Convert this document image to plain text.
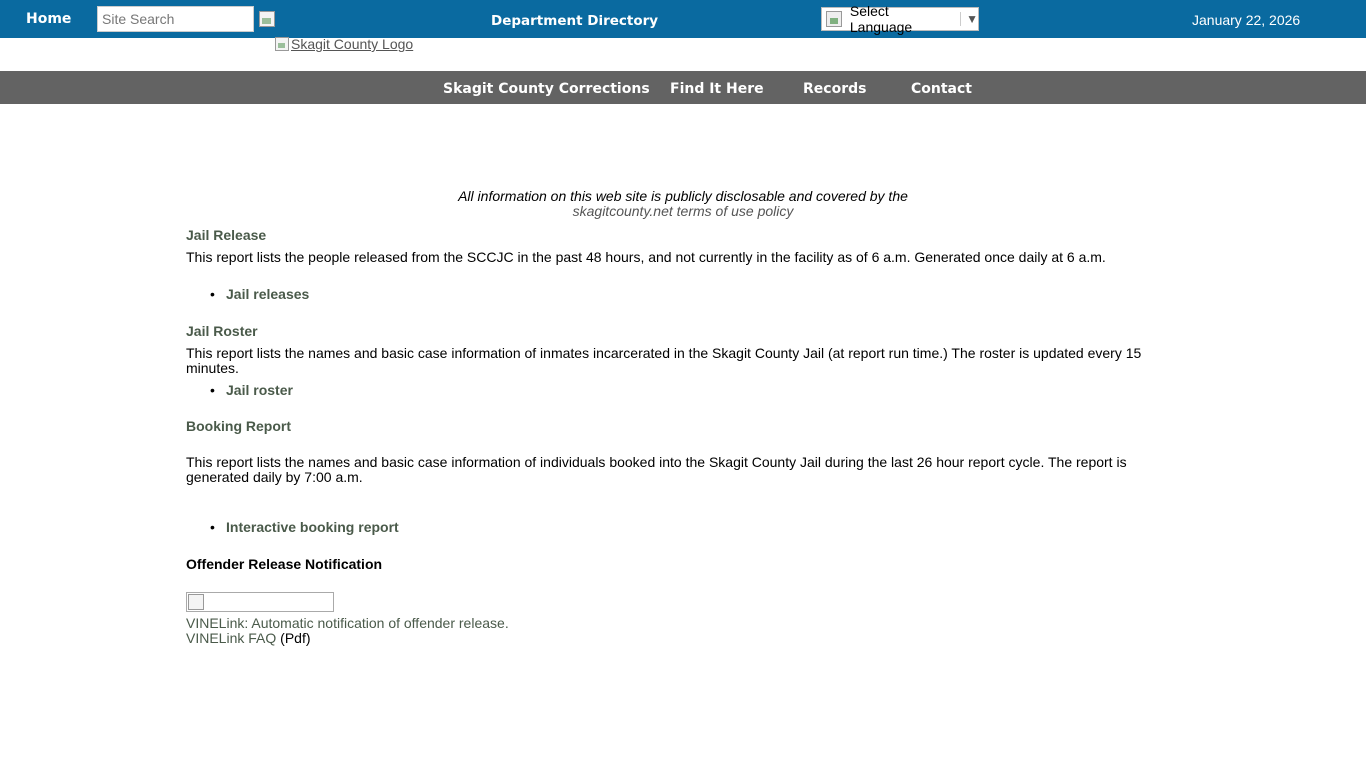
Home
Site Search	Department Directory
Select Language	▼	January 22, 2026
Skagit County Logo
Skagit County Corrections Find It Here	Records	Contact
All information on this web site is publicly disclosable and covered by the
skagitcounty.net terms of use policy
Jail Release

This report lists the people released from the SCCJC in the past 48 hours, and not currently in the facility as of 6 a.m. Generated once daily at 6 a.m.

• Jail releases
Jail Roster

This report lists the names and basic case information of inmates incarcerated in the Skagit County Jail (at report run time.) The roster is updated every 15 minutes.

• Jail roster
Booking Report

This report lists the names and basic case information of individuals booked into the Skagit County Jail during the last 26 hour report cycle. The report is generated daily by 7:00 a.m.

• Interactive booking report
Offender Release Notification
VINELink: Automatic notification of offender release.
VINELink FAQ (Pdf)
